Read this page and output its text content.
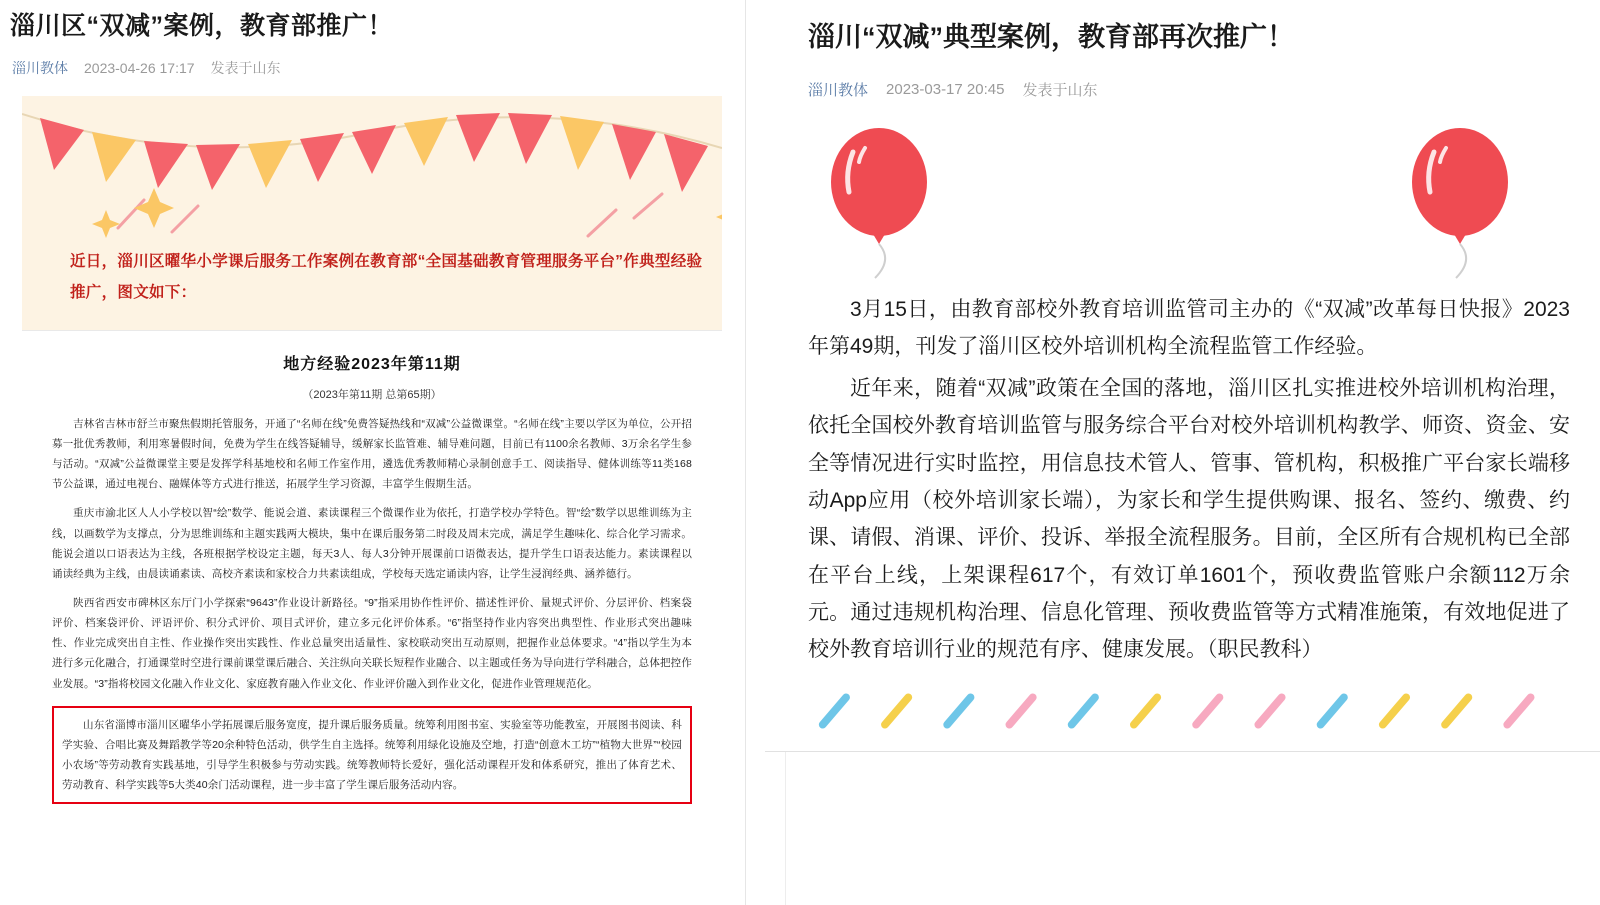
淄川区“双减”案例，教育部推广！
淄川教体 2023-04-26 17:17 发表于山东
近日，淄川区曜华小学课后服务工作案例在教育部“全国基础教育管理服务平台”作典型经验推广，图文如下：
地方经验2023年第11期
（2023年第11期 总第65期）

吉林省吉林市舒兰市聚焦假期托管服务，开通了“名师在线”免费答疑热线和“双减”公益微课堂。“名师在线”主要以学区为单位，公开招募一批优秀教师，利用寒暑假时间，免费为学生在线答疑辅导，缓解家长监管难、辅导难问题，目前已有1100余名教师、3万余名学生参与活动。“双减”公益微课堂主要是发挥学科基地校和名师工作室作用，遴选优秀教师精心录制创意手工、阅读指导、健体训练等11类168节公益课，通过电视台、融媒体等方式进行推送，拓展学生学习资源，丰富学生假期生活。

重庆市渝北区人人小学校以智“绘”数学、能说会道、素读课程三个微课作业为依托，打造学校办学特色。智“绘”数学以思维训练为主线，以画数学为支撑点，分为思维训练和主题实践两大模块，集中在课后服务第二时段及周末完成，满足学生趣味化、综合化学习需求。能说会道以口语表达为主线，各班根据学校设定主题，每天3人、每人3分钟开展课前口语微表达，提升学生口语表达能力。素读课程以诵读经典为主线，由晨读诵素读、高校齐素读和家校合力共素读组成，学校每天选定诵读内容，让学生浸润经典、涵养德行。

陕西省西安市碑林区东厅门小学探索“9643”作业设计新路径。“9”指采用协作性评价、描述性评价、量规式评价、分层评价、档案袋评价、档案袋评价、评语评价、积分式评价、项目式评价，建立多元化评价体系。“6”指坚持作业内容突出典型性、作业形式突出趣味性、作业完成突出自主性、作业操作突出实践性、作业总量突出适量性、家校联动突出互动原则，把握作业总体要求。“4”指以学生为本进行多元化融合，打通课堂时空进行课前课堂课后融合、关注纵向关联长短程作业融合、以主题或任务为导向进行学科融合，总体把控作业发展。“3”指将校园文化融入作业文化、家庭教育融入作业文化、作业评价融入到作业文化，促进作业管理规范化。

山东省淄博市淄川区曜华小学拓展课后服务宽度，提升课后服务质量。统筹利用图书室、实验室等功能教室，开展图书阅读、科学实验、合唱比赛及舞蹈教学等20余种特色活动，供学生自主选择。统筹利用绿化设施及空地，打造“创意木工坊”“植物大世界”“校园小农场”等劳动教育实践基地，引导学生积极参与劳动实践。统筹教师特长爱好，强化活动课程开发和体系研究，推出了体育艺术、劳动教育、科学实践等5大类40余门活动课程，进一步丰富了学生课后服务活动内容。

淄川“双减”典型案例，教育部再次推广！
淄川教体 2023-03-17 20:45 发表于山东

3月15日，由教育部校外教育培训监管司主办的《“双减”改革每日快报》2023年第49期，刊发了淄川区校外培训机构全流程监管工作经验。

近年来，随着“双减”政策在全国的落地，淄川区扎实推进校外培训机构治理，依托全国校外教育培训监管与服务综合平台对校外培训机构教学、师资、资金、安全等情况进行实时监控，用信息技术管人、管事、管机构，积极推广平台家长端移动App应用（校外培训家长端），为家长和学生提供购课、报名、签约、缴费、约课、请假、消课、评价、投诉、举报全流程服务。目前，全区所有合规机构已全部在平台上线，上架课程617个，有效订单1601个，预收费监管账户余额112万余元。通过违规机构治理、信息化管理、预收费监管等方式精准施策，有效地促进了校外教育培训行业的规范有序、健康发展。（职民教科）
